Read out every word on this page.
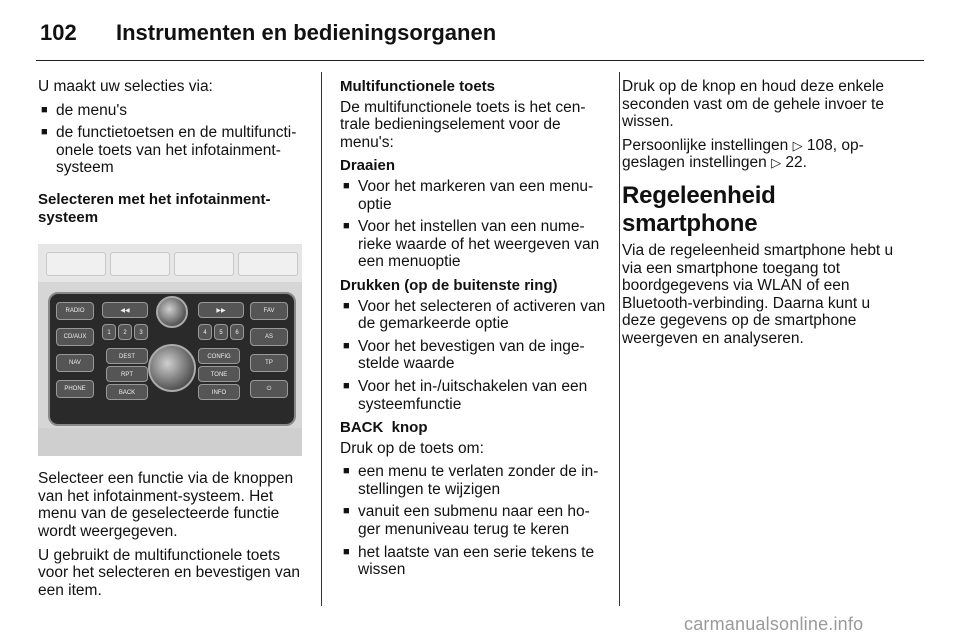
102 Instrumenten en bedieningsorganen

U maakt uw selecties via:

■ de menu's
■ de functietoetsen en de multifuncti-onele toets van het infotainment-systeem
Selecteren met het infotainment-systeem
RADIO
CD/AUX
NAV
PHONE
◀◀	▶▶
1	2	3	4	5	6
DEST
RPT
BACK
CONFIG
TONE
INFO
FAV
AS
TP
⏻

Selecteer een functie via de knoppen van het infotainment-systeem. Het menu van de geselecteerde functie wordt weergegeven.

U gebruikt de multifunctionele toets voor het selecteren en bevestigen van een item.

Multifunctionele toets

De multifunctionele toets is het cen-trale bedieningselement voor de menu's:

Draaien
■ Voor het markeren van een menu-optie
■ Voor het instellen van een nume-rieke waarde of het weergeven van een menuoptie
Drukken (op de buitenste ring)
■ Voor het selecteren of activeren van de gemarkeerde optie
■ Voor het bevestigen van de inge-stelde waarde
■ Voor het in-/uitschakelen van een systeemfunctie
BACK  knop

Druk op de toets om:

■ een menu te verlaten zonder de in-stellingen te wijzigen
■ vanuit een submenu naar een ho-ger menuniveau terug te keren
■ het laatste van een serie tekens te wissen

Druk op de knop en houd deze enkele seconden vast om de gehele invoer te wissen.

Persoonlijke instellingen ▷ 108, op-geslagen instellingen ▷ 22.

Regeleenheid smartphone

Via de regeleenheid smartphone hebt u via een smartphone toegang tot boordgegevens via WLAN of een Bluetooth-verbinding. Daarna kunt u deze gegevens op de smartphone weergeven en analyseren.

carmanualsonline.info
